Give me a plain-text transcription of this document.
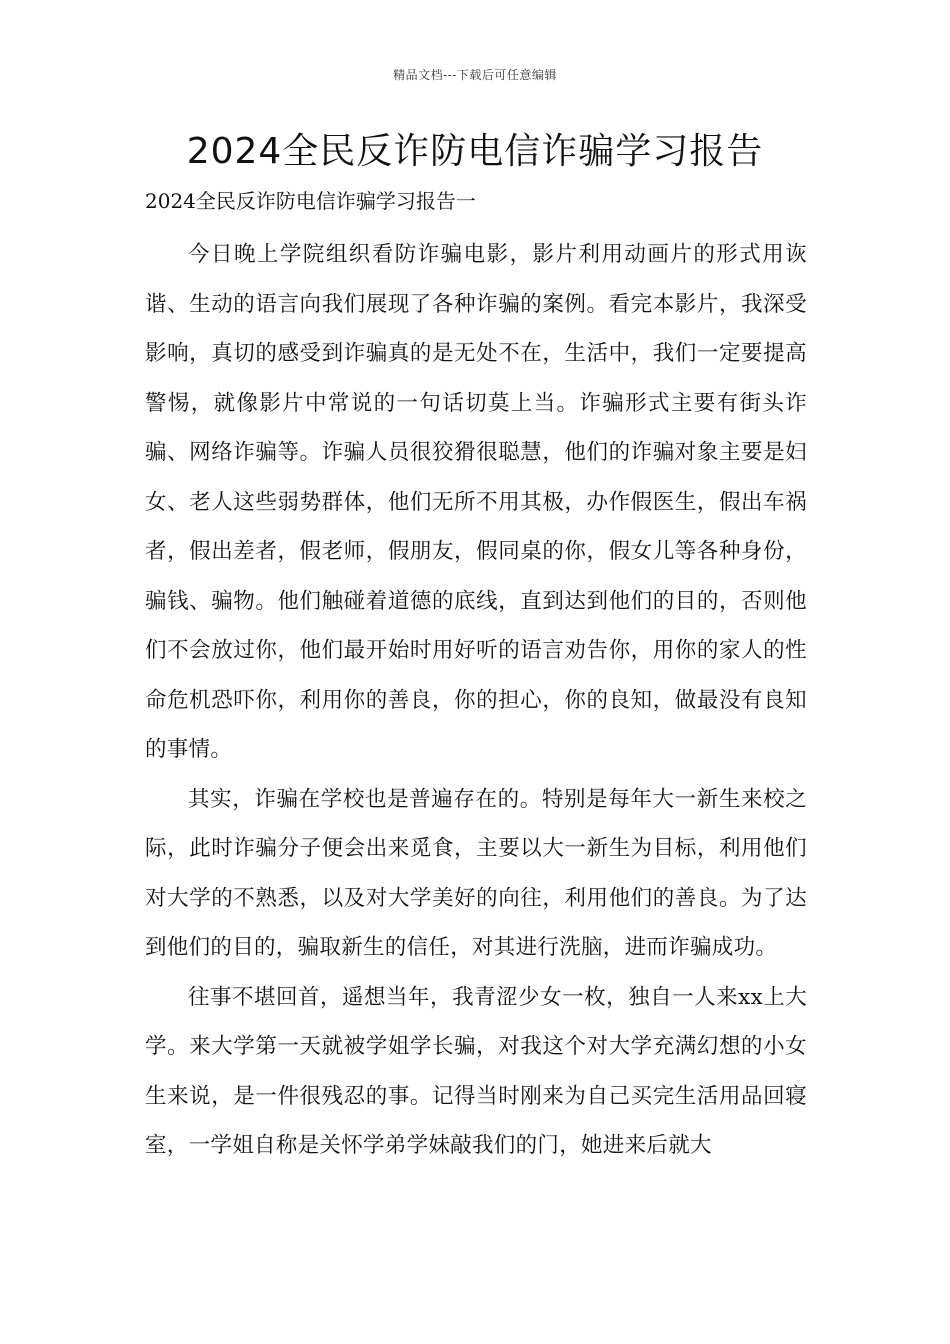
精品文档---下载后可任意编辑
2024全民反诈防电信诈骗学习报告

2024全民反诈防电信诈骗学习报告一

今日晚上学院组织看防诈骗电影，影片利用动画片的形式用诙谐、生动的语言向我们展现了各种诈骗的案例。看完本影片，我深受影响，真切的感受到诈骗真的是无处不在，生活中，我们一定要提高警惕，就像影片中常说的一句话切莫上当。诈骗形式主要有街头诈骗、网络诈骗等。诈骗人员很狡猾很聪慧，他们的诈骗对象主要是妇女、老人这些弱势群体，他们无所不用其极，办作假医生，假出车祸者，假出差者，假老师，假朋友，假同桌的你，假女儿等各种身份，骗钱、骗物。他们触碰着道德的底线，直到达到他们的目的，否则他们不会放过你，他们最开始时用好听的语言劝告你，用你的家人的性命危机恐吓你，利用你的善良，你的担心，你的良知，做最没有良知的事情。

其实，诈骗在学校也是普遍存在的。特别是每年大一新生来校之际，此时诈骗分子便会出来觅食，主要以大一新生为目标，利用他们对大学的不熟悉，以及对大学美好的向往，利用他们的善良。为了达到他们的目的，骗取新生的信任，对其进行洗脑，进而诈骗成功。

往事不堪回首，遥想当年，我青涩少女一枚，独自一人来xx上大学。来大学第一天就被学姐学长骗，对我这个对大学充满幻想的小女生来说，是一件很残忍的事。记得当时刚来为自己买完生活用品回寝室，一学姐自称是关怀学弟学妹敲我们的门，她进来后就大
